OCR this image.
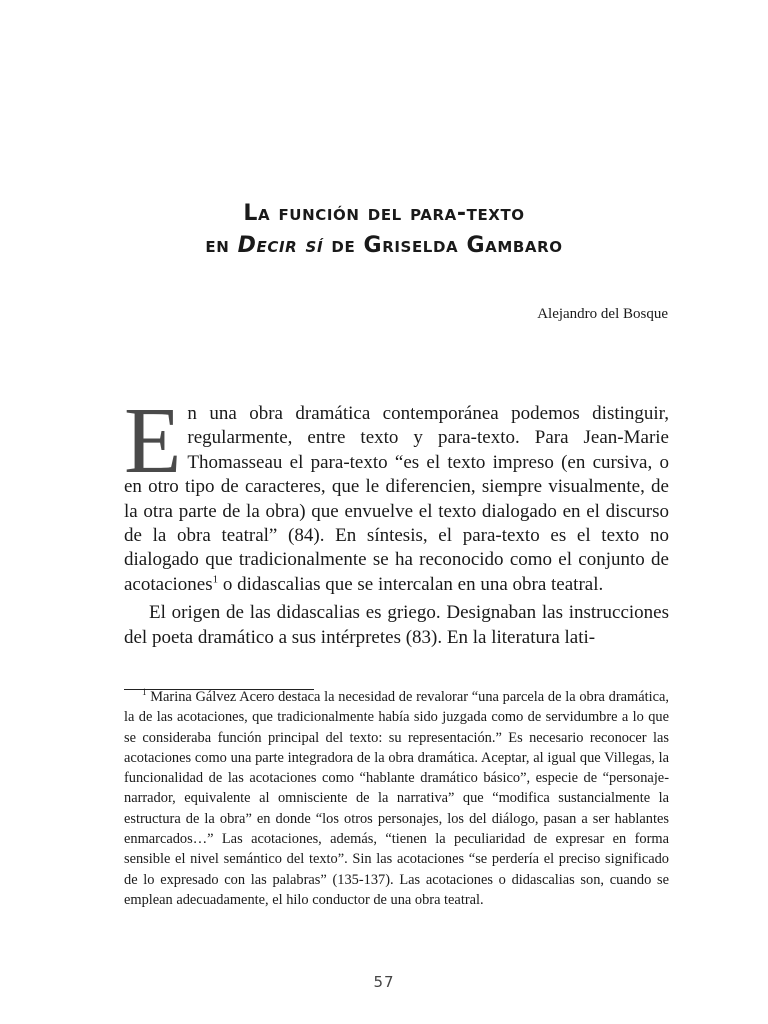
La función del para-texto
en Decir sí de Griselda Gambaro
Alejandro del Bosque

En una obra dramática contemporánea podemos distinguir, regularmente, entre texto y para-texto. Para Jean-Marie Thomasseau el para-texto “es el texto impreso (en cursiva, o en otro tipo de caracteres, que le diferencien, siempre visualmente, de la otra parte de la obra) que envuelve el texto dialogado en el discurso de la obra teatral” (84). En síntesis, el para-texto es el texto no dialogado que tradicionalmente se ha reconocido como el conjunto de acotaciones$^1$ o didascalias que se intercalan en una obra teatral.

El origen de las didascalias es griego. Designaban las instrucciones del poeta dramático a sus intérpretes (83). En la literatura lati-

$^1$ Marina Gálvez Acero destaca la necesidad de revalorar “una parcela de la obra dramática, la de las acotaciones, que tradicionalmente había sido juzgada como de servidumbre a lo que se consideraba función principal del texto: su representación.” Es necesario reconocer las acotaciones como una parte integradora de la obra dramática. Aceptar, al igual que Villegas, la funcionalidad de las acotaciones como “hablante dramático básico”, especie de “personaje-narrador, equivalente al omnisciente de la narrativa” que “modifica sustancialmente la estructura de la obra” en donde “los otros personajes, los del diálogo, pasan a ser hablantes enmarcados…” Las acotaciones, además, “tienen la peculiaridad de expresar en forma sensible el nivel semántico del texto”. Sin las acotaciones “se perdería el preciso significado de lo expresado con las palabras” (135-137). Las acotaciones o didascalias son, cuando se emplean adecuadamente, el hilo conductor de una obra teatral.

57
